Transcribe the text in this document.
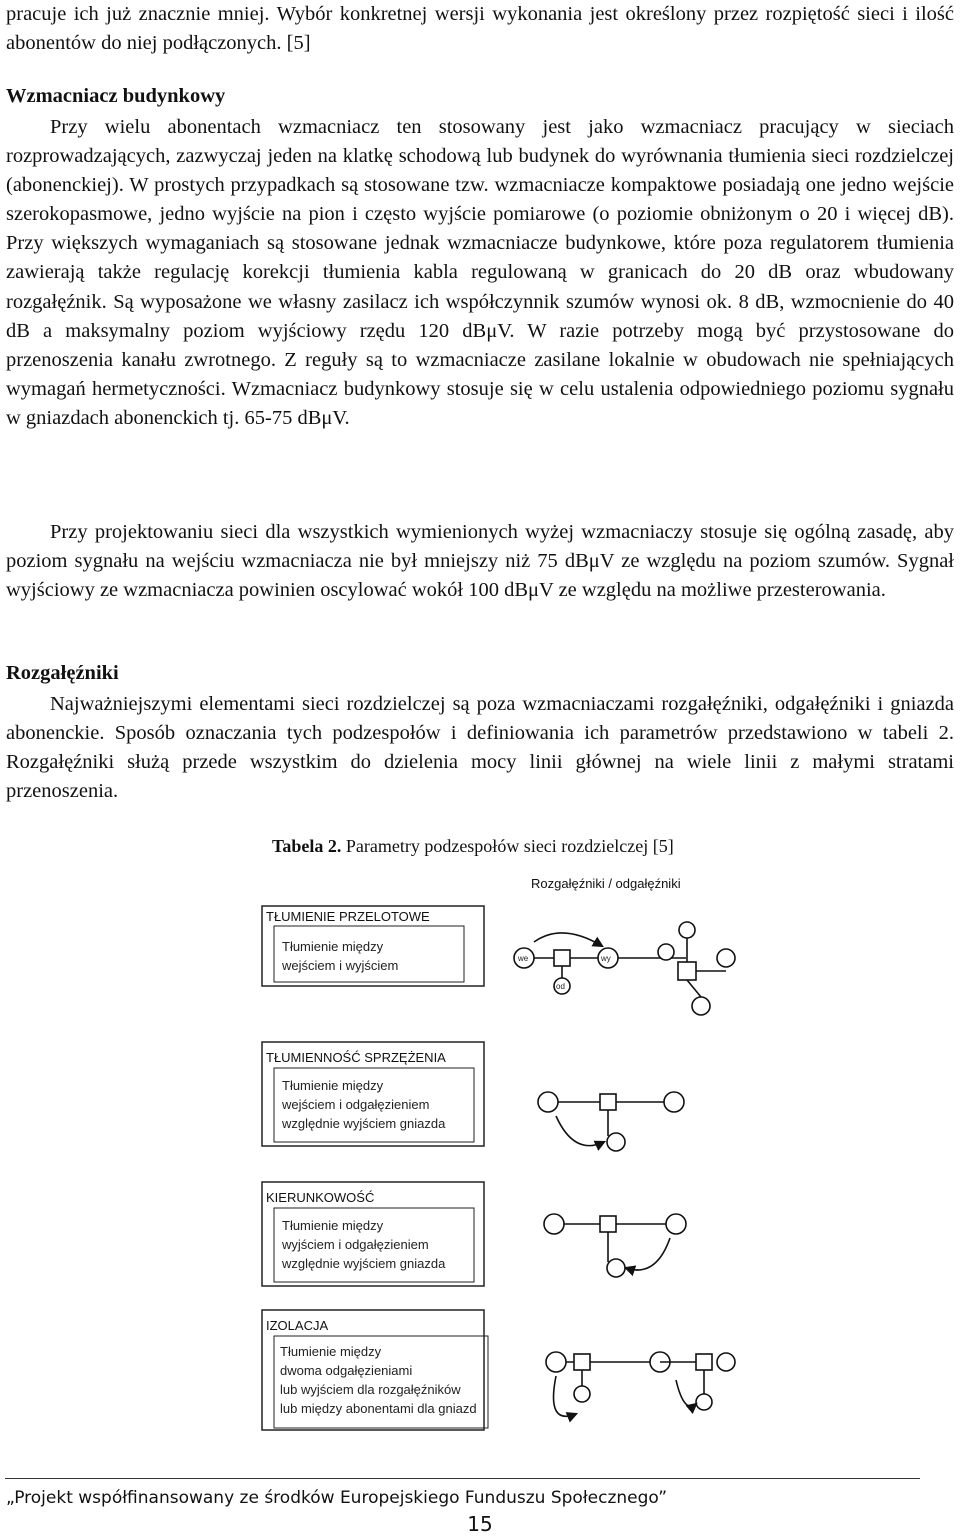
pracuje ich już znacznie mniej. Wybór konkretnej wersji wykonania jest określony przez rozpiętość sieci i ilość abonentów do niej podłączonych. [5]

Wzmacniacz budynkowy

Przy wielu abonentach wzmacniacz ten stosowany jest jako wzmacniacz pracujący w sieciach rozprowadzających, zazwyczaj jeden na klatkę schodową lub budynek do wyrównania tłumienia sieci rozdzielczej (abonenckiej). W prostych przypadkach są stosowane tzw. wzmacniacze kompaktowe posiadają one jedno wejście szerokopasmowe, jedno wyjście na pion i często wyjście pomiarowe (o poziomie obniżonym o 20 i więcej dB). Przy większych wymaganiach są stosowane jednak wzmacniacze budynkowe, które poza regulatorem tłumienia zawierają także regulację korekcji tłumienia kabla regulowaną w granicach do 20 dB oraz wbudowany rozgałęźnik. Są wyposażone we własny zasilacz ich współczynnik szumów wynosi ok. 8 dB, wzmocnienie do 40 dB a maksymalny poziom wyjściowy rzędu 120 dBμV. W razie potrzeby mogą być przystosowane do przenoszenia kanału zwrotnego. Z reguły są to wzmacniacze zasilane lokalnie w obudowach nie spełniających wymagań hermetyczności. Wzmacniacz budynkowy stosuje się w celu ustalenia odpowiedniego poziomu sygnału w gniazdach abonenckich tj. 65-75 dBμV.

Przy projektowaniu sieci dla wszystkich wymienionych wyżej wzmacniaczy stosuje się ogólną zasadę, aby poziom sygnału na wejściu wzmacniacza nie był mniejszy niż 75 dBμV ze względu na poziom szumów. Sygnał wyjściowy ze wzmacniacza powinien oscylować wokół 100 dBμV ze względu na możliwe przesterowania.

Rozgałęźniki

Najważniejszymi elementami sieci rozdzielczej są poza wzmacniaczami rozgałęźniki, odgałęźniki i gniazda abonenckie. Sposób oznaczania tych podzespołów i definiowania ich parametrów przedstawiono w tabeli 2. Rozgałęźniki służą przede wszystkim do dzielenia mocy linii głównej na wiele linii z małymi stratami przenoszenia.

Tabela 2. Parametry podzespołów sieci rozdzielczej [5]

Rozgałęźniki / odgałęźniki
TŁUMIENIE PRZELOTOWE
Tłumienie między
wejściem i wyjściem	we	wy
od
TŁUMIENNOŚĆ SPRZĘŻENIA
Tłumienie między
wejściem i odgałęzieniem
względnie wyjściem gniazda
KIERUNKOWOŚĆ
Tłumienie między
wyjściem i odgałęzieniem
względnie wyjściem gniazda
IZOLACJA
Tłumienie między
dwoma odgałęzieniami
lub wyjściem dla rozgałęźników
lub między abonentami dla gniazd
„Projekt współfinansowany ze środków Europejskiego Funduszu Społecznego”
15
